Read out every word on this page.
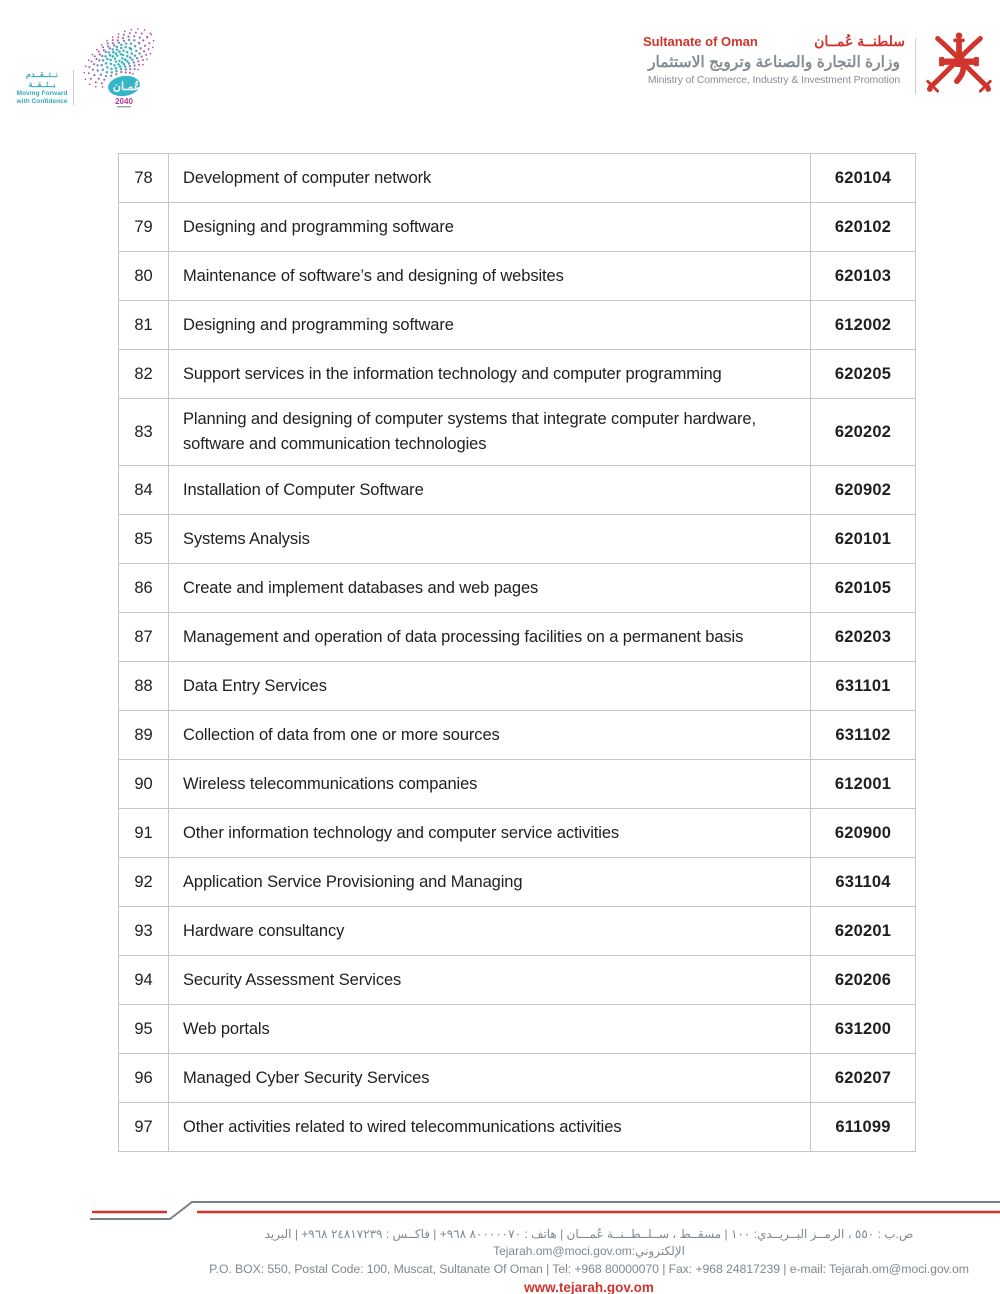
نــتــقــدم بــثــقــة
Moving Forward
with Confidence
رؤية عُمـان
2040
Sultanate of Oman	سلطنــة عُمــان
وزارة التجارة والصناعة وترويج الاستثمار
Ministry of Commerce, Industry & Investment Promotion
78	Development of computer network	620104
79	Designing and programming software	620102
80	Maintenance of software’s and designing of websites	620103
81	Designing and programming software	612002
82	Support services in the information technology and computer programming	620205
83	Planning and designing of computer systems that integrate computer hardware, software and communication technologies	620202
84	Installation of Computer Software	620902
85	Systems Analysis	620101
86	Create and implement databases and web pages	620105
87	Management and operation of data processing facilities on a permanent basis	620203
88	Data Entry Services	631101
89	Collection of data from one or more sources	631102
90	Wireless telecommunications companies	612001
91	Other information technology and computer service activities	620900
92	Application Service Provisioning and Managing	631104
93	Hardware consultancy	620201
94	Security Assessment Services	620206
95	Web portals	631200
96	Managed Cyber Security Services	620207
97	Other activities related to wired telecommunications activities	611099
ص.ب : ٥٥٠ ، الرمــز البــريــدي: ١٠٠ | مسقــط ، ســلــطــنــة عُمـــان | هاتف : ٨٠٠٠٠٠٧٠ ٩٦٨+ | فاكــس : ٢٤٨١٧٢٣٩ ٩٦٨+ | البريد الإلكتروني:Tejarah.om@moci.gov.om
P.O. BOX: 550, Postal Code: 100, Muscat, Sultanate Of Oman | Tel: +968 80000070 | Fax: +968 24817239 | e-mail: Tejarah.om@moci.gov.om
www.tejarah.gov.om
